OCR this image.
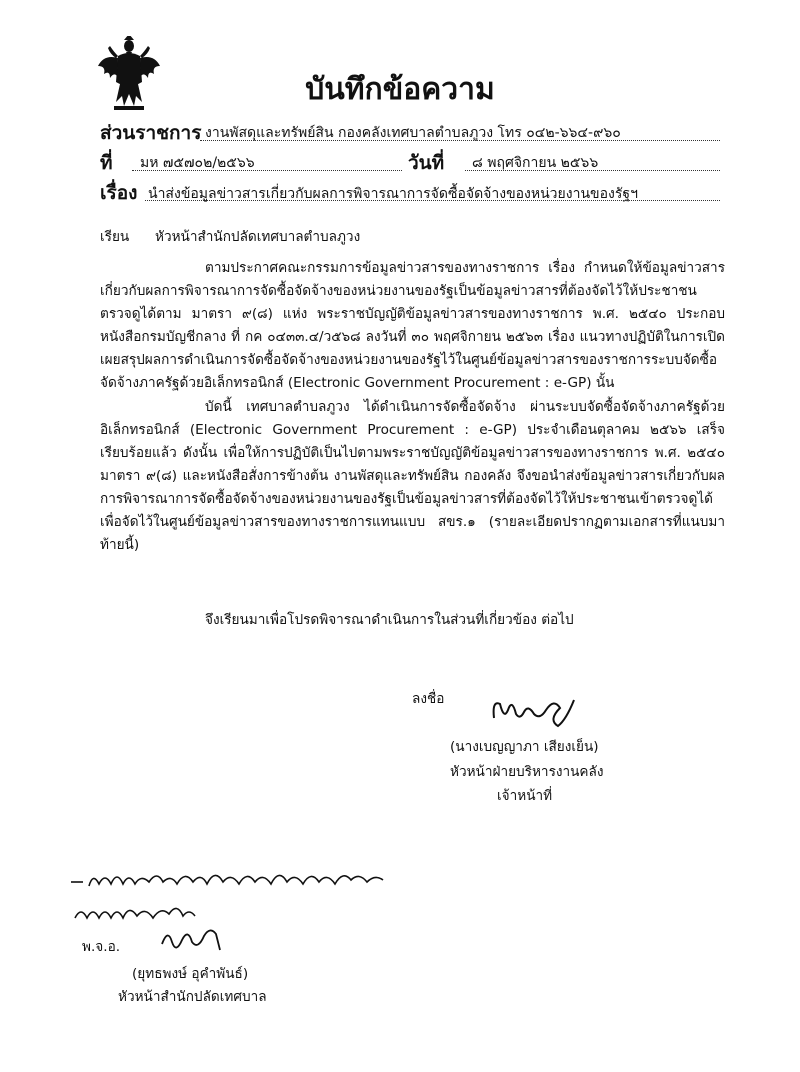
บันทึกข้อความ
ส่วนราชการ งานพัสดุและทรัพย์สิน กองคลังเทศบาลตำบลภูวง โทร ๐๔๒-๖๖๔-๙๖๐
ที่ มห ๗๕๗๐๒/๒๕๖๖	วันที่ ๘ พฤศจิกายน ๒๕๖๖
เรื่อง นำส่งข้อมูลข่าวสารเกี่ยวกับผลการพิจารณาการจัดซื้อจัดจ้างของหน่วยงานของรัฐฯ
เรียน หัวหน้าสำนักปลัดเทศบาลตำบลภูวง
ตามประกาศคณะกรรมการข้อมูลข่าวสารของทางราชการ เรื่อง กำหนดให้ข้อมูลข่าวสารเกี่ยวกับผลการพิจารณาการจัดซื้อจัดจ้างของหน่วยงานของรัฐเป็นข้อมูลข่าวสารที่ต้องจัดไว้ให้ประชาชนตรวจดูได้ตาม มาตรา ๙(๘) แห่ง พระราชบัญญัติข้อมูลข่าวสารของทางราชการ พ.ศ. ๒๕๔๐ ประกอบหนังสือกรมบัญชีกลาง ที่ กค ๐๔๓๓.๔/ว๕๖๘ ลงวันที่ ๓๐ พฤศจิกายน ๒๕๖๓ เรื่อง แนวทางปฏิบัติในการเปิดเผยสรุปผลการดำเนินการจัดซื้อจัดจ้างของหน่วยงานของรัฐไว้ในศูนย์ข้อมูลข่าวสารของราชการระบบจัดซื้อจัดจ้างภาครัฐด้วยอิเล็กทรอนิกส์ (Electronic Government Procurement : e-GP) นั้น
บัดนี้ เทศบาลตำบลภูวง ได้ดำเนินการจัดซื้อจัดจ้าง ผ่านระบบจัดซื้อจัดจ้างภาครัฐด้วยอิเล็กทรอนิกส์ (Electronic Government Procurement : e-GP) ประจำเดือนตุลาคม ๒๕๖๖ เสร็จเรียบร้อยแล้ว ดังนั้น เพื่อให้การปฏิบัติเป็นไปตามพระราชบัญญัติข้อมูลข่าวสารของทางราชการ พ.ศ. ๒๕๔๐ มาตรา ๙(๘) และหนังสือสั่งการข้างต้น งานพัสดุและทรัพย์สิน กองคลัง จึงขอนำส่งข้อมูลข่าวสารเกี่ยวกับผลการพิจารณาการจัดซื้อจัดจ้างของหน่วยงานของรัฐเป็นข้อมูลข่าวสารที่ต้องจัดไว้ให้ประชาชนเข้าตรวจดูได้ เพื่อจัดไว้ในศูนย์ข้อมูลข่าวสารของทางราชการแทนแบบ สขร.๑ (รายละเอียดปรากฏตามเอกสารที่แนบมาท้ายนี้)
จึงเรียนมาเพื่อโปรดพิจารณาดำเนินการในส่วนที่เกี่ยวข้อง ต่อไป
ลงชื่อ
(นางเบญญาภา เสียงเย็น)
หัวหน้าฝ่ายบริหารงานคลัง
เจ้าหน้าที่
พ.จ.อ.
(ยุทธพงษ์ อุคำพันธ์)
หัวหน้าสำนักปลัดเทศบาล
